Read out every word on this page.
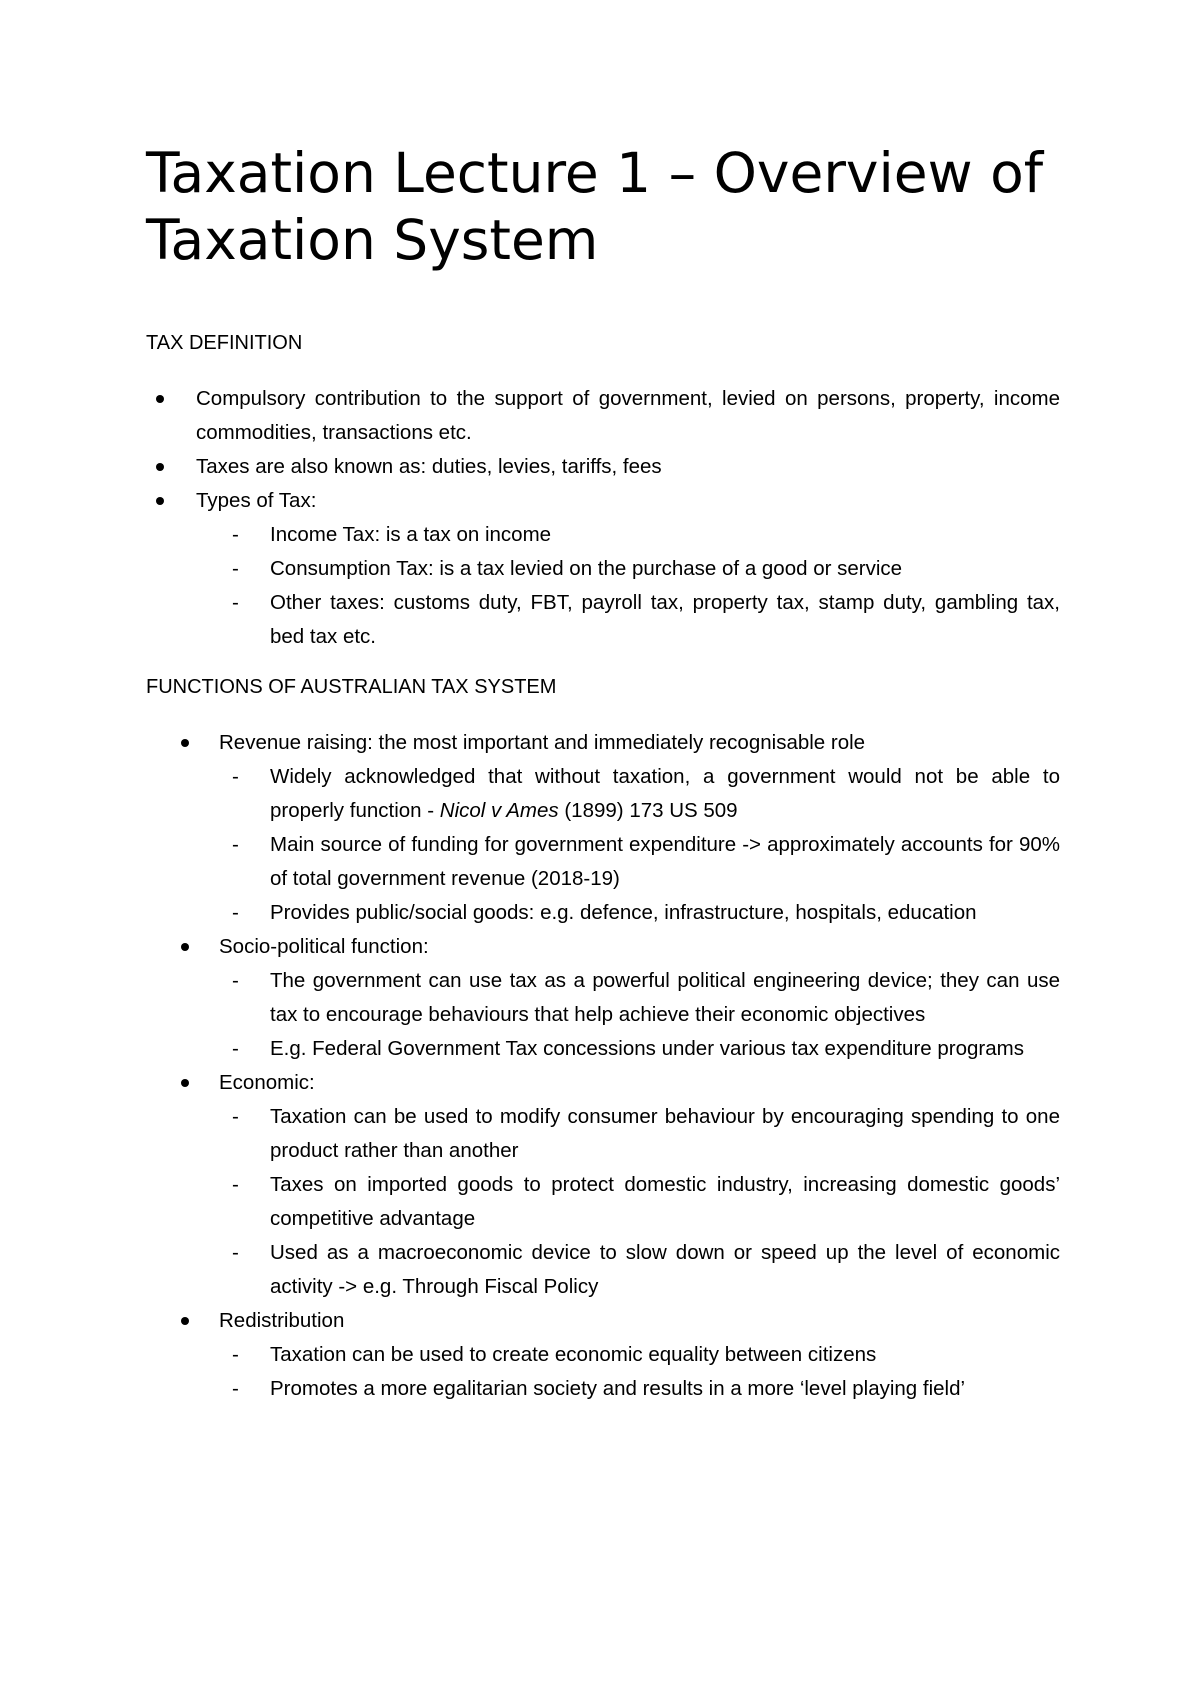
Taxation Lecture 1 – Overview of Taxation System
TAX DEFINITION
Compulsory contribution to the support of government, levied on persons, property, income commodities, transactions etc.
Taxes are also known as: duties, levies, tariffs, fees
Types of Tax:
- Income Tax: is a tax on income
- Consumption Tax: is a tax levied on the purchase of a good or service
- Other taxes: customs duty, FBT, payroll tax, property tax, stamp duty, gambling tax, bed tax etc.
FUNCTIONS OF AUSTRALIAN TAX SYSTEM
Revenue raising: the most important and immediately recognisable role
- Widely acknowledged that without taxation, a government would not be able to properly function - Nicol v Ames (1899) 173 US 509
- Main source of funding for government expenditure -> approximately accounts for 90% of total government revenue (2018-19)
- Provides public/social goods: e.g. defence, infrastructure, hospitals, education
Socio-political function:
- The government can use tax as a powerful political engineering device; they can use tax to encourage behaviours that help achieve their economic objectives
- E.g. Federal Government Tax concessions under various tax expenditure programs
Economic:
- Taxation can be used to modify consumer behaviour by encouraging spending to one product rather than another
- Taxes on imported goods to protect domestic industry, increasing domestic goods’ competitive advantage
- Used as a macroeconomic device to slow down or speed up the level of economic activity -> e.g. Through Fiscal Policy
Redistribution
- Taxation can be used to create economic equality between citizens
- Promotes a more egalitarian society and results in a more ‘level playing field’
